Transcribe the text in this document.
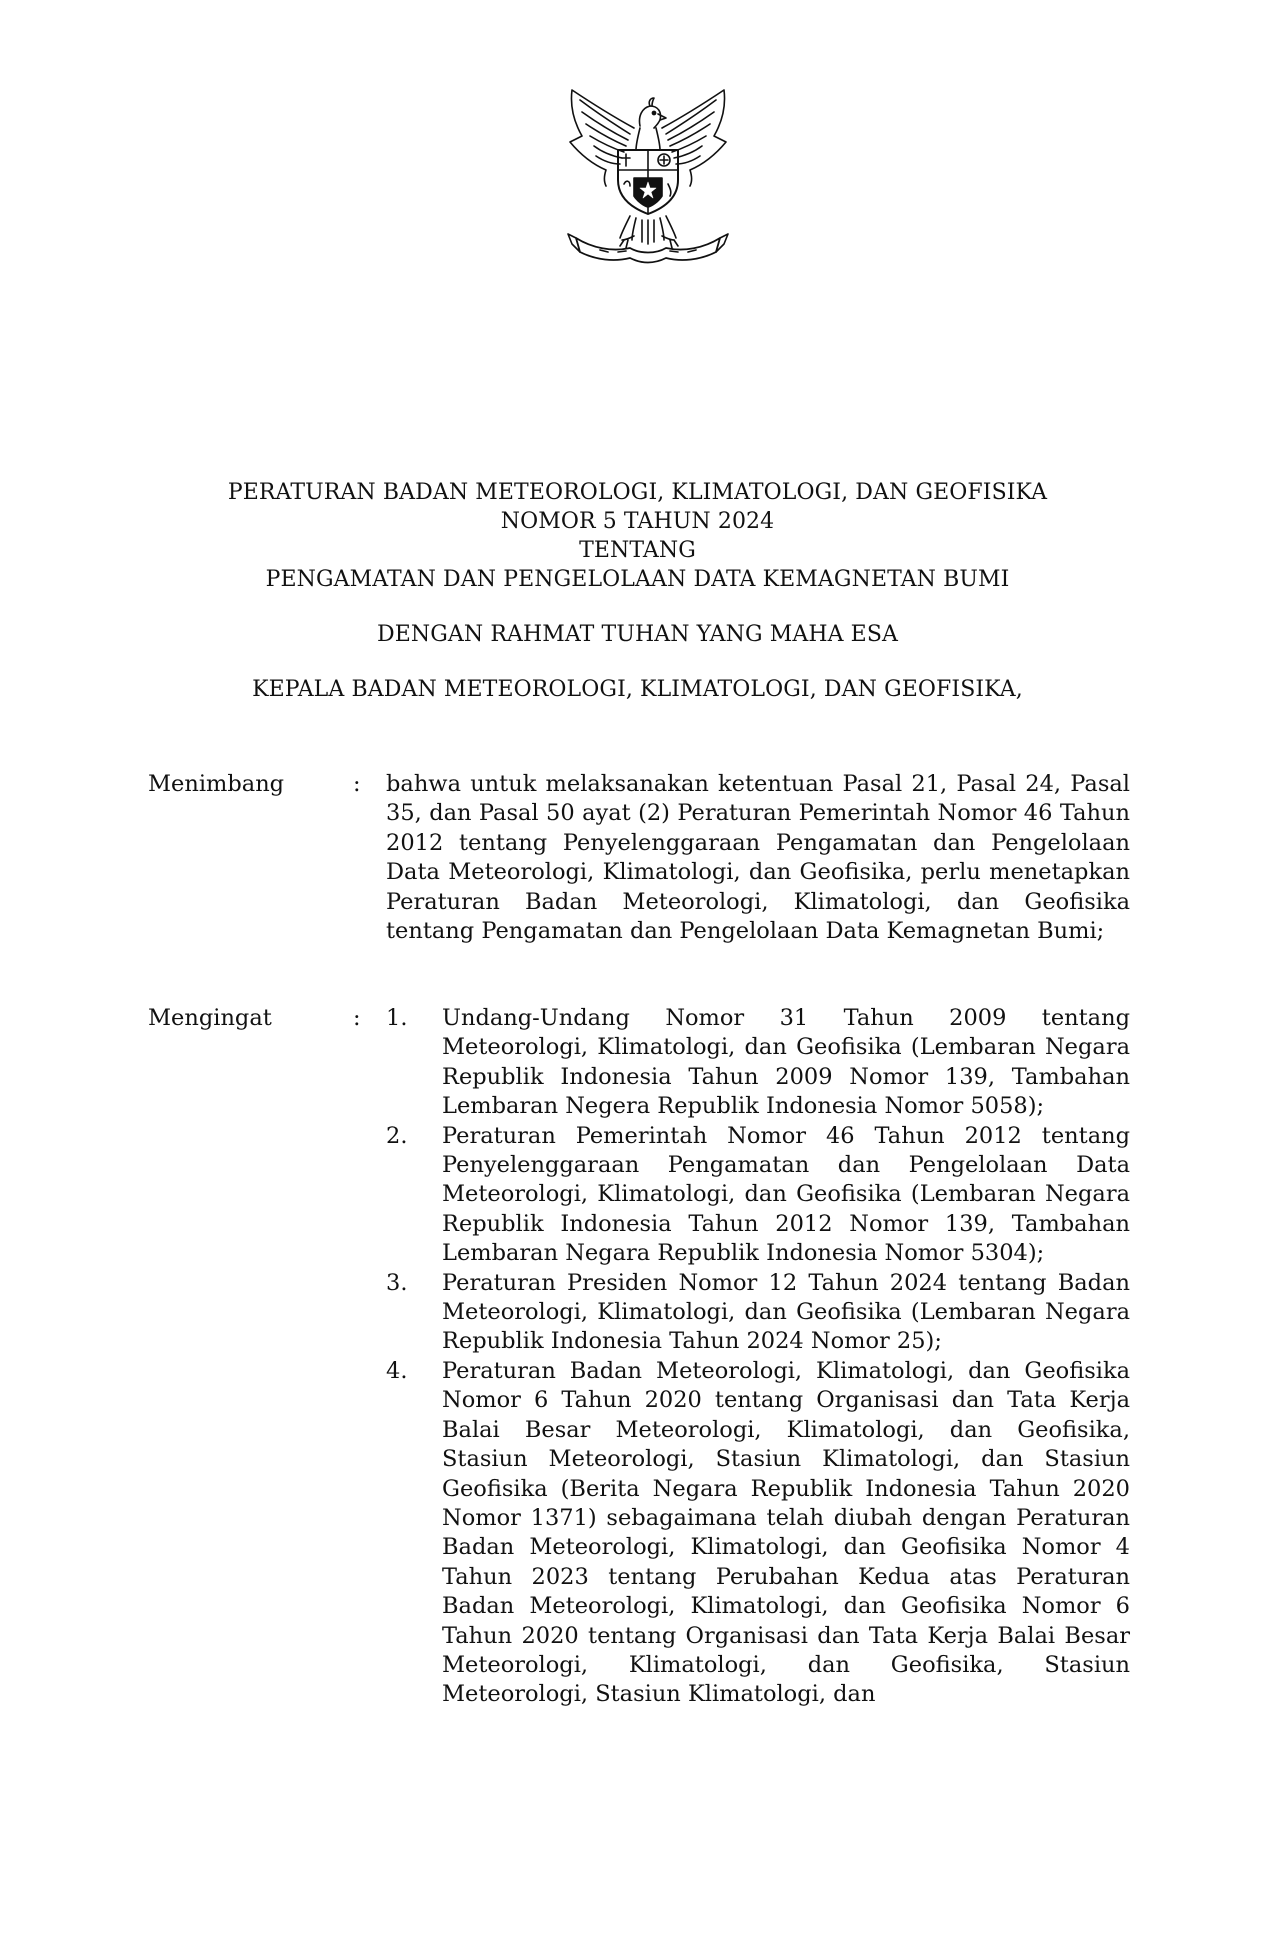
PERATURAN BADAN METEOROLOGI, KLIMATOLOGI, DAN GEOFISIKA
NOMOR 5 TAHUN 2024
TENTANG
PENGAMATAN DAN PENGELOLAAN DATA KEMAGNETAN BUMI
DENGAN RAHMAT TUHAN YANG MAHA ESA
KEPALA BADAN METEOROLOGI, KLIMATOLOGI, DAN GEOFISIKA,
Menimbang	: bahwa untuk melaksanakan ketentuan Pasal 21, Pasal 24, Pasal 35, dan Pasal 50 ayat (2) Peraturan Pemerintah Nomor 46 Tahun 2012 tentang Penyelenggaraan Pengamatan dan Pengelolaan Data Meteorologi, Klimatologi, dan Geofisika, perlu menetapkan Peraturan Badan Meteorologi, Klimatologi, dan Geofisika tentang Pengamatan dan Pengelolaan Data Kemagnetan Bumi;
Mengingat	: 1. Undang-Undang Nomor 31 Tahun 2009 tentang Meteorologi, Klimatologi, dan Geofisika (Lembaran Negara Republik Indonesia Tahun 2009 Nomor 139, Tambahan Lembaran Negera Republik Indonesia Nomor 5058);
2. Peraturan Pemerintah Nomor 46 Tahun 2012 tentang Penyelenggaraan Pengamatan dan Pengelolaan Data Meteorologi, Klimatologi, dan Geofisika (Lembaran Negara Republik Indonesia Tahun 2012 Nomor 139, Tambahan Lembaran Negara Republik Indonesia Nomor 5304);
3. Peraturan Presiden Nomor 12 Tahun 2024 tentang Badan Meteorologi, Klimatologi, dan Geofisika (Lembaran Negara Republik Indonesia Tahun 2024 Nomor 25);
4. Peraturan Badan Meteorologi, Klimatologi, dan Geofisika Nomor 6 Tahun 2020 tentang Organisasi dan Tata Kerja Balai Besar Meteorologi, Klimatologi, dan Geofisika, Stasiun Meteorologi, Stasiun Klimatologi, dan Stasiun Geofisika (Berita Negara Republik Indonesia Tahun 2020 Nomor 1371) sebagaimana telah diubah dengan Peraturan Badan Meteorologi, Klimatologi, dan Geofisika Nomor 4 Tahun 2023 tentang Perubahan Kedua atas Peraturan Badan Meteorologi, Klimatologi, dan Geofisika Nomor 6 Tahun 2020 tentang Organisasi dan Tata Kerja Balai Besar Meteorologi, Klimatologi, dan Geofisika, Stasiun Meteorologi, Stasiun Klimatologi, dan
